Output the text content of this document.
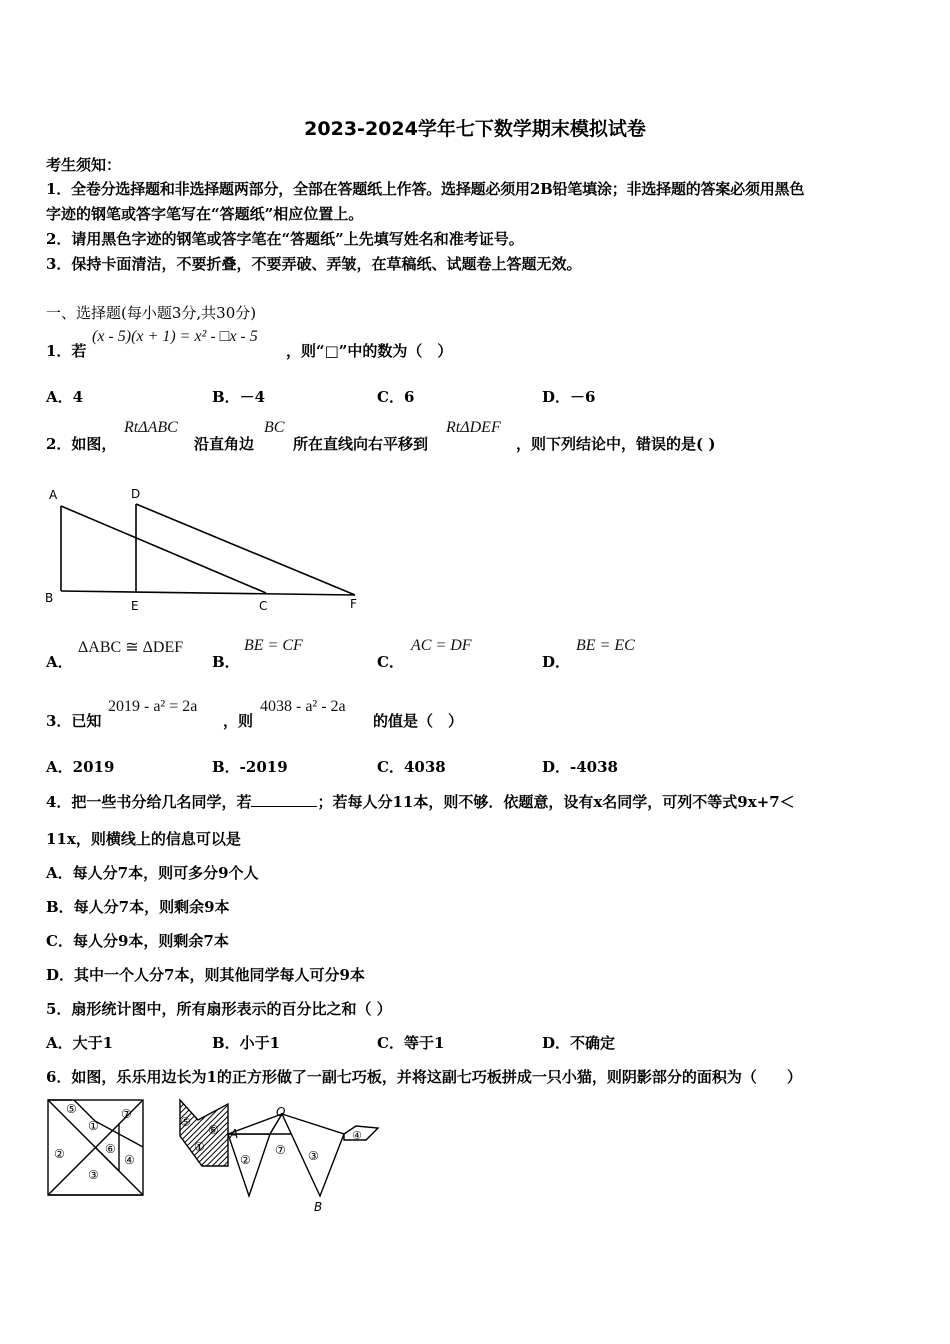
2023-2024学年七下数学期末模拟试卷
考生须知：
1．全卷分选择题和非选择题两部分，全部在答题纸上作答。选择题必须用2B铅笔填涂；非选择题的答案必须用黑色
字迹的钢笔或答字笔写在“答题纸”相应位置上。
2．请用黑色字迹的钢笔或答字笔在“答题纸”上先填写姓名和准考证号。
3．保持卡面清洁，不要折叠，不要弄破、弄皱，在草稿纸、试题卷上答题无效。
一、选择题(每小题3分,共30分)
1．若
(x - 5)(x + 1) = x² - □x - 5
，则“□”中的数为（　）
A．4	B．－4	C．6	D．－6
2．如图，
RtΔABC
沿直角边
BC
所在直线向右平移到
RtΔDEF
，则下列结论中，错误的是( )
A	D
B
E	C	F
A．
ΔABC ≅ ΔDEF
B．
BE = CF
C．
AC = DF
D．
BE = EC
3．已知
2019 - a² = 2a
，则
4038 - a² - 2a
的值是（　）
A．2019	B．-2019	C．4038	D．-4038
4．把一些书分给几名同学，若	；若每人分11本，则不够．依题意，设有x名同学，可列不等式9x+7＜
11x，则横线上的信息可以是
A．每人分7本，则可多分9个人
B．每人分7本，则剩余9本
C．每人分9本，则剩余7本
D．其中一个人分7本，则其他同学每人可分9本
5．扇形统计图中，所有扇形表示的百分比之和（ ）
A．大于1	B．小于1	C．等于1	D．不确定
6．如图，乐乐用边长为1的正方形做了一副七巧板，并将这副七巧板拼成一只小猫，则阴影部分的面积为（　　）
⑤
①
⑦
②	⑥
④
③
⑤
⑥
①
A
O
②
⑦ ③
④
B
